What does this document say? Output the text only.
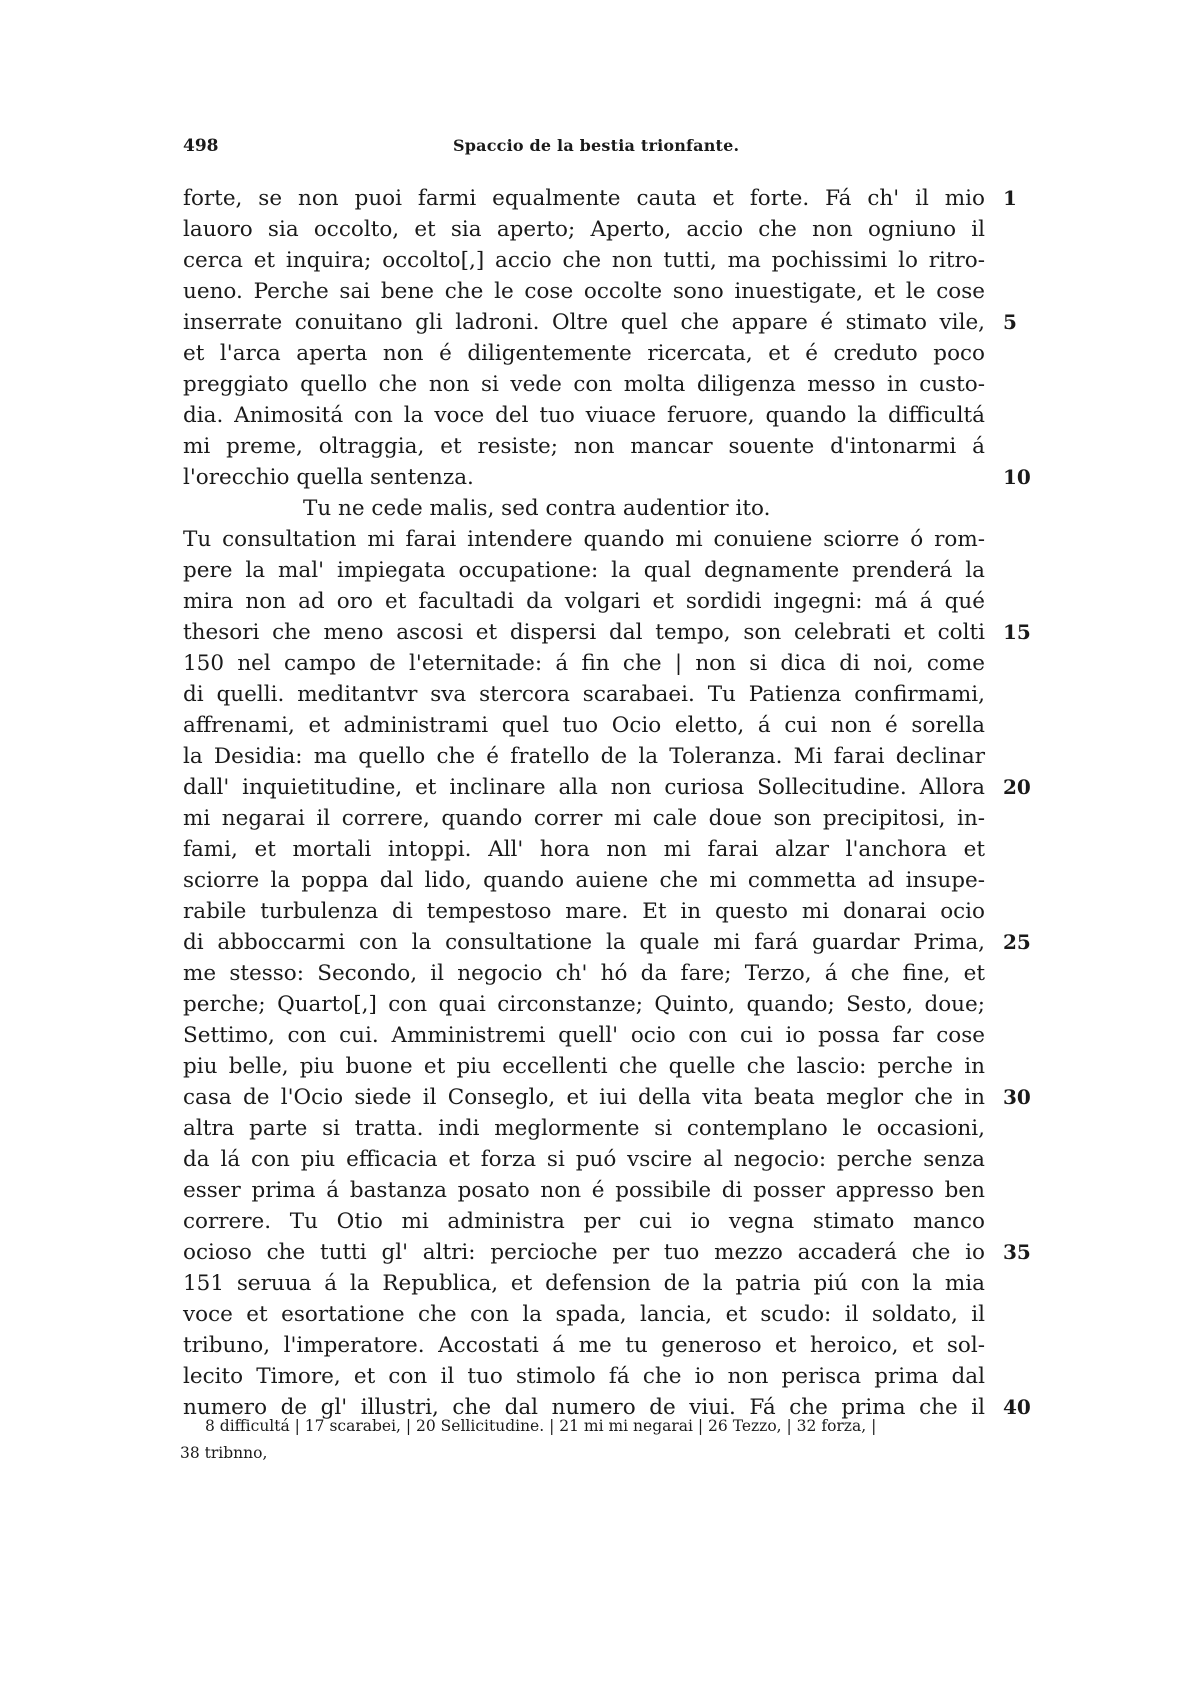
498	Spaccio de la bestia trionfante.
forte, se non puoi farmi equalmente cauta et forte. Fá ch' il mio 1
lauoro sia occolto, et sia aperto; Aperto, accio che non ogniuno il
cerca et inquira; occolto[,] accio che non tutti, ma pochissimi lo ritro-
ueno. Perche sai bene che le cose occolte sono inuestigate, et le cose
inserrate conuitano gli ladroni. Oltre quel che appare é stimato vile, 5
et l'arca aperta non é diligentemente ricercata, et é creduto poco
preggiato quello che non si vede con molta diligenza messo in custo-
dia. Animositá con la voce del tuo viuace feruore, quando la difficultá
mi preme, oltraggia, et resiste; non mancar souente d'intonarmi á
l'orecchio quella sentenza.	10
Tu ne cede malis, sed contra audentior ito.
Tu consultation mi farai intendere quando mi conuiene sciorre ó rom-
pere la mal' impiegata occupatione: la qual degnamente prenderá la
mira non ad oro et facultadi da volgari et sordidi ingegni: má á qué
thesori che meno ascosi et dispersi dal tempo, son celebrati et colti 15
150 nel campo de l'eternitade: á fin che | non si dica di noi, come
di quelli. meditantvr sva stercora scarabaei. Tu Patienza confirmami,
affrenami, et administrami quel tuo Ocio eletto, á cui non é sorella
la Desidia: ma quello che é fratello de la Toleranza. Mi farai declinar
dall' inquietitudine, et inclinare alla non curiosa Sollecitudine. Allora 20
mi negarai il correre, quando correr mi cale doue son precipitosi, in-
fami, et mortali intoppi. All' hora non mi farai alzar l'anchora et
sciorre la poppa dal lido, quando auiene che mi commetta ad insupe-
rabile turbulenza di tempestoso mare. Et in questo mi donarai ocio
di abboccarmi con la consultatione la quale mi fará guardar Prima, 25
me stesso: Secondo, il negocio ch' hó da fare; Terzo, á che fine, et
perche; Quarto[,] con quai circonstanze; Quinto, quando; Sesto, doue;
Settimo, con cui. Amministremi quell' ocio con cui io possa far cose
piu belle, piu buone et piu eccellenti che quelle che lascio: perche in
casa de l'Ocio siede il Conseglo, et iui della vita beata meglor che in 30
altra parte si tratta. indi meglormente si contemplano le occasioni,
da lá con piu efficacia et forza si puó vscire al negocio: perche senza
esser prima á bastanza posato non é possibile di posser appresso ben
correre. Tu Otio mi administra per cui io vegna stimato manco
ocioso che tutti gl' altri: percioche per tuo mezzo accaderá che io 35
151 seruua á la Republica, et defension de la patria piú con la mia
voce et esortatione che con la spada, lancia, et scudo: il soldato, il
tribuno, l'imperatore. Accostati á me tu generoso et heroico, et sol-
lecito Timore, et con il tuo stimolo fá che io non perisca prima dal
numero de gl' illustri, che dal numero de viui. Fá che prima che il 40
8 difficultá | 17 scarabei, | 20 Sellicitudine. | 21 mi mi negarai | 26 Tezzo, | 32 forza, |
38 tribnno,
